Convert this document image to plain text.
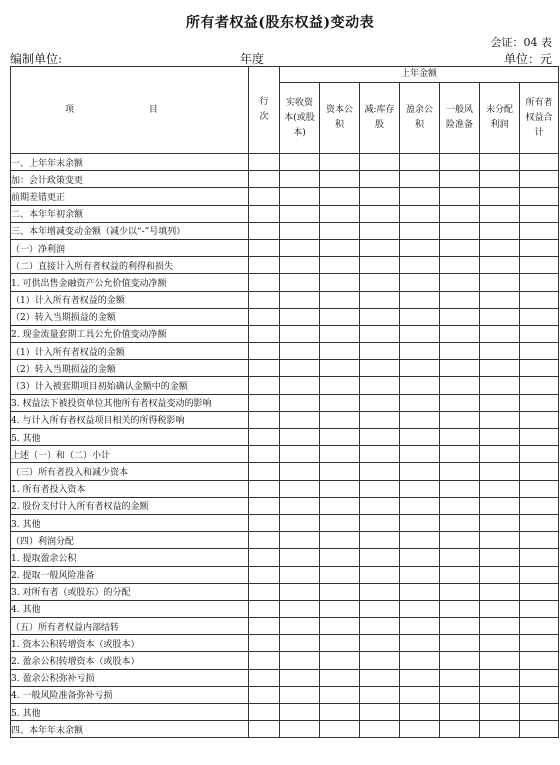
所有者权益(股东权益)变动表
会证：04 表
编制单位:	年度	单位：元
项 目	行次	上年金额						
		实收资本(或股本)	资本公积	减:库存股	盈余公积	一般风险准备	未分配利润	所有者权益合计
一、上年年末余额								
加：会计政策变更								
前期差错更正								
二、本年年初余额								
三、本年增减变动金额（减少以“-”号填列）								
（一）净利润								
（二）直接计入所有者权益的利得和损失								
1. 可供出售金融资产公允价值变动净额								
（1）计入所有者权益的金额								
（2）转入当期损益的金额								
2. 现金流量套期工具公允价值变动净额								
（1）计入所有者权益的金额								
（2）转入当期损益的金额								
（3）计入被套期项目初始确认金额中的金额								
3. 权益法下被投资单位其他所有者权益变动的影响								
4. 与计入所有者权益项目相关的所得税影响								
5. 其他								
上述（一）和（二）小计								
（三）所有者投入和减少资本								
1. 所有者投入资本								
2. 股份支付计入所有者权益的金额								
3. 其他								
（四）利润分配								
1. 提取盈余公积								
2. 提取一般风险准备								
3. 对所有者（或股东）的分配								
4. 其他								
（五）所有者权益内部结转								
1. 资本公积转增资本（或股本）								
2. 盈余公积转增资本（或股本）								
3. 盈余公积弥补亏损								
4. 一般风险准备弥补亏损								
5. 其他								
四、本年年末余额								
